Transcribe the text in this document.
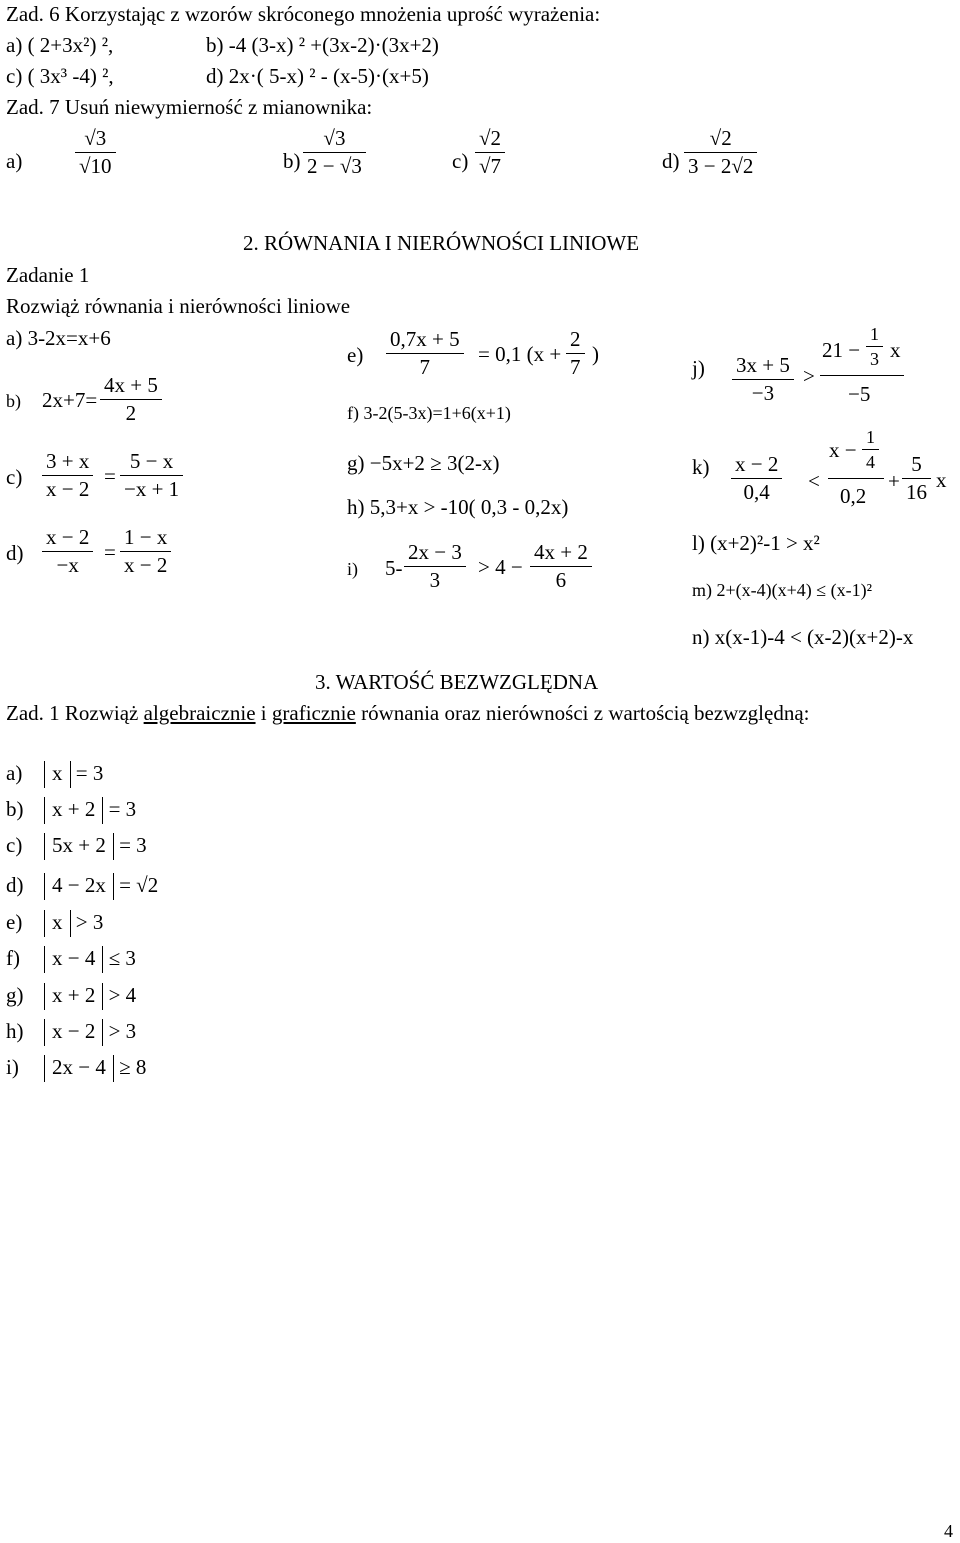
Zad. 6 Korzystając z wzorów skróconego mnożenia uprość wyrażenia:
a) ( 2+3x²) ²,	b) -4 (3-x) ² +(3x-2)·(3x+2)
c) ( 3x³ -4) ²,	d) 2x·( 5-x) ² - (x-5)·(x+5)
Zad. 7 Usuń niewymierność z mianownika:
a)	$\frac{√3}{√10}$	$b) \frac{√3}{2 - √3}$	$c) \frac{√2}{√7}$	$d) \frac{√2}{3 - 2√2}$
2. RÓWNANIA I NIERÓWNOŚCI LINIOWE
Zadanie 1
Rozwiąż równania i nierówności liniowe
a) 3-2x=x+6
b) $2x+7= \frac{4x + 5}{2}$
$c) \frac{3 + x}{x - 2} = \frac{5 - x}{-x + 1}$
$d) \frac{x - 2}{-x} = \frac{1 - x}{x - 2}$
$e) \frac{0,7x + 5}{7} = 0,1$ ($x + \frac{2}{7}$ )
f) 3-2(5-3x)=1+6(x+1)
g) −5x+2 ≥ 3(2-x)
h) 5,3+x > -10( 0,3 - 0,2x)
i) $5- \frac{2x - 3}{3} > 4 - \frac{4x + 2}{6}$
$j) \frac{3x + 5}{-3}$ >
$21 - \frac{1}{3}$ x
−5
$k) \frac{x - 2}{0,4}$ <
$x - \frac{1}{4}$
0,2
+ $\frac{5}{16}$ x
l) (x+2)²-1 > x²
m) 2+(x-4)(x+4) ≤ (x-1)²
n) x(x-1)-4 < (x-2)(x+2)-x
3. WARTOŚĆ BEZWZGLĘDNA
Zad. 1 Rozwiąż algebraicznie i graficznie równania oraz nierówności z wartością bezwzględną:
a) x = 3
b) x + 2 = 3
c) 5x + 2 = 3
d) 4 − 2x = √2
e) x > 3
f) x − 4 ≤ 3
g) x + 2 > 4
h) x − 2 > 3
i) 2x − 4 ≥ 8
4
